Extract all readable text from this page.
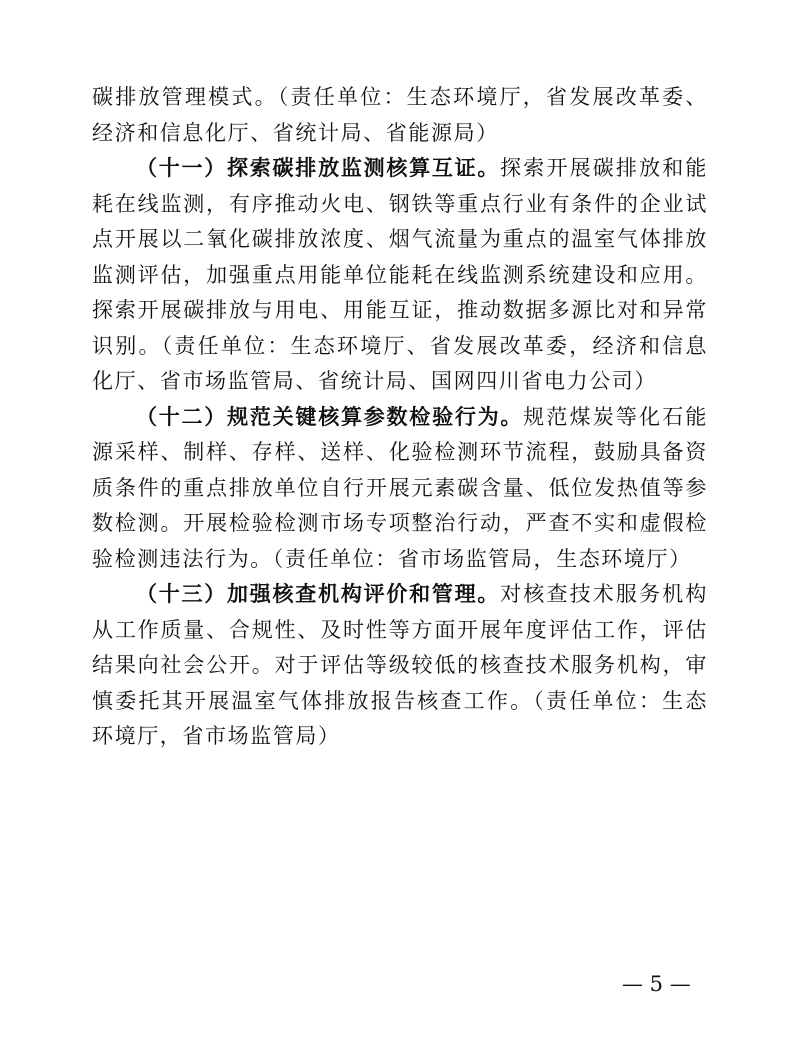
碳排放管理模式。（责任单位：生态环境厅，省发展改革委、经济和信息化厅、省统计局、省能源局）

（十一）探索碳排放监测核算互证。探索开展碳排放和能耗在线监测，有序推动火电、钢铁等重点行业有条件的企业试点开展以二氧化碳排放浓度、烟气流量为重点的温室气体排放监测评估，加强重点用能单位能耗在线监测系统建设和应用。探索开展碳排放与用电、用能互证，推动数据多源比对和异常识别。（责任单位：生态环境厅、省发展改革委，经济和信息化厅、省市场监管局、省统计局、国网四川省电力公司）

（十二）规范关键核算参数检验行为。规范煤炭等化石能源采样、制样、存样、送样、化验检测环节流程，鼓励具备资质条件的重点排放单位自行开展元素碳含量、低位发热值等参数检测。开展检验检测市场专项整治行动，严查不实和虚假检验检测违法行为。（责任单位：省市场监管局，生态环境厅）

（十三）加强核查机构评价和管理。对核查技术服务机构从工作质量、合规性、及时性等方面开展年度评估工作，评估结果向社会公开。对于评估等级较低的核查技术服务机构，审慎委托其开展温室气体排放报告核查工作。（责任单位：生态环境厅，省市场监管局）

— 5 —
